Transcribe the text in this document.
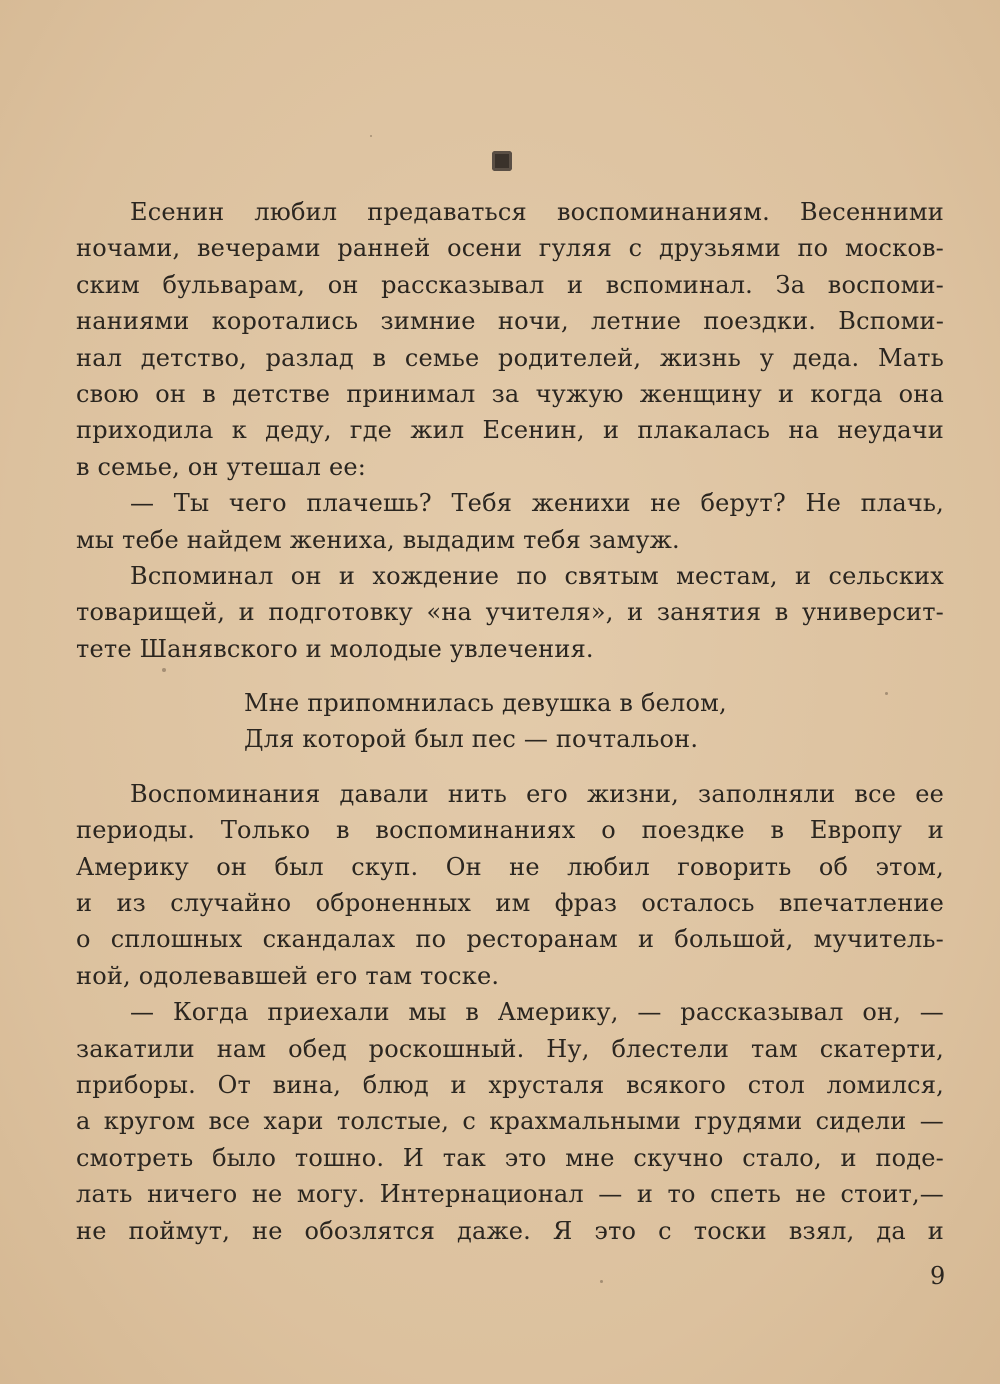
Есенин любил предаваться воспоминаниям. Весенними
ночами, вечерами ранней осени гуляя с друзьями по москов-
ским бульварам, он рассказывал и вспоминал. За воспоми-
наниями коротались зимние ночи, летние поездки. Вспоми-
нал детство, разлад в семье родителей, жизнь у деда. Мать
свою он в детстве принимал за чужую женщину и когда она
приходила к деду, где жил Есенин, и плакалась на неудачи
в семье, он утешал ее:
— Ты чего плачешь? Тебя женихи не берут? Не плачь,
мы тебе найдем жениха, выдадим тебя замуж.
Вспоминал он и хождение по святым местам, и сельских
товарищей, и подготовку «на учителя», и занятия в университ-
тете Шанявского и молодые увлечения.
Мне припомнилась девушка в белом,
Для которой был пес — почтальон.
Воспоминания давали нить его жизни, заполняли все ее
периоды. Только в воспоминаниях о поездке в Европу и
Америку он был скуп. Он не любил говорить об этом,
и из случайно оброненных им фраз осталось впечатление
о сплошных скандалах по ресторанам и большой, мучитель-
ной, одолевавшей его там тоске.
— Когда приехали мы в Америку, — рассказывал он, —
закатили нам обед роскошный. Ну, блестели там скатерти,
приборы. От вина, блюд и хрусталя всякого стол ломился,
а кругом все хари толстые, с крахмальными грудями сидели —
смотреть было тошно. И так это мне скучно стало, и поде-
лать ничего не могу. Интернационал — и то спеть не стоит,—
не поймут, не обозлятся даже. Я это с тоски взял, да и
9
